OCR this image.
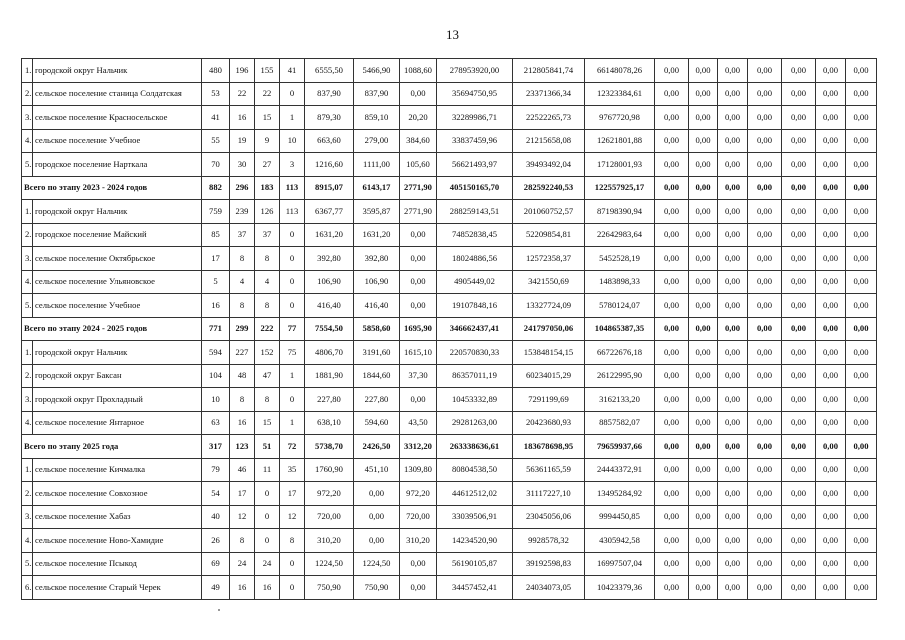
13
1.	городской округ Нальчик	480	196	155	41	6555,50	5466,90	1088,60	278953920,00	212805841,74	66148078,26	0,00	0,00	0,00	0,00	0,00	0,00	0,00
2.	сельское поселение станица Солдатская	53	22	22	0	837,90	837,90	0,00	35694750,95	23371366,34	12323384,61	0,00	0,00	0,00	0,00	0,00	0,00	0,00
3.	сельское поселение Красносельское	41	16	15	1	879,30	859,10	20,20	32289986,71	22522265,73	9767720,98	0,00	0,00	0,00	0,00	0,00	0,00	0,00
4.	сельское поселение Учебное	55	19	9	10	663,60	279,00	384,60	33837459,96	21215658,08	12621801,88	0,00	0,00	0,00	0,00	0,00	0,00	0,00
5.	городское поселение Нарткала	70	30	27	3	1216,60	1111,00	105,60	56621493,97	39493492,04	17128001,93	0,00	0,00	0,00	0,00	0,00	0,00	0,00
Всего по этапу 2023 - 2024 годов		882	296	183	113	8915,07	6143,17	2771,90	405150165,70	282592240,53	122557925,17	0,00	0,00	0,00	0,00	0,00	0,00	0,00
1.	городской округ Нальчик	759	239	126	113	6367,77	3595,87	2771,90	288259143,51	201060752,57	87198390,94	0,00	0,00	0,00	0,00	0,00	0,00	0,00
2.	городское поселение Майский	85	37	37	0	1631,20	1631,20	0,00	74852838,45	52209854,81	22642983,64	0,00	0,00	0,00	0,00	0,00	0,00	0,00
3.	сельское поселение Октябрьское	17	8	8	0	392,80	392,80	0,00	18024886,56	12572358,37	5452528,19	0,00	0,00	0,00	0,00	0,00	0,00	0,00
4.	сельское поселение Ульяновское	5	4	4	0	106,90	106,90	0,00	4905449,02	3421550,69	1483898,33	0,00	0,00	0,00	0,00	0,00	0,00	0,00
5.	сельское поселение Учебное	16	8	8	0	416,40	416,40	0,00	19107848,16	13327724,09	5780124,07	0,00	0,00	0,00	0,00	0,00	0,00	0,00
Всего по этапу 2024 - 2025 годов		771	299	222	77	7554,50	5858,60	1695,90	346662437,41	241797050,06	104865387,35	0,00	0,00	0,00	0,00	0,00	0,00	0,00
1.	городской округ Нальчик	594	227	152	75	4806,70	3191,60	1615,10	220570830,33	153848154,15	66722676,18	0,00	0,00	0,00	0,00	0,00	0,00	0,00
2.	городской округ Баксан	104	48	47	1	1881,90	1844,60	37,30	86357011,19	60234015,29	26122995,90	0,00	0,00	0,00	0,00	0,00	0,00	0,00
3.	городской округ Прохладный	10	8	8	0	227,80	227,80	0,00	10453332,89	7291199,69	3162133,20	0,00	0,00	0,00	0,00	0,00	0,00	0,00
4.	сельское поселение Янтарное	63	16	15	1	638,10	594,60	43,50	29281263,00	20423680,93	8857582,07	0,00	0,00	0,00	0,00	0,00	0,00	0,00
Всего по этапу 2025 года		317	123	51	72	5738,70	2426,50	3312,20	263338636,61	183678698,95	79659937,66	0,00	0,00	0,00	0,00	0,00	0,00	0,00
1.	сельское поселение Кичмалка	79	46	11	35	1760,90	451,10	1309,80	80804538,50	56361165,59	24443372,91	0,00	0,00	0,00	0,00	0,00	0,00	0,00
2.	сельское поселение Совхозное	54	17	0	17	972,20	0,00	972,20	44612512,02	31117227,10	13495284,92	0,00	0,00	0,00	0,00	0,00	0,00	0,00
3.	сельское поселение Хабаз	40	12	0	12	720,00	0,00	720,00	33039506,91	23045056,06	9994450,85	0,00	0,00	0,00	0,00	0,00	0,00	0,00
4.	сельское поселение Ново-Хамидие	26	8	0	8	310,20	0,00	310,20	14234520,90	9928578,32	4305942,58	0,00	0,00	0,00	0,00	0,00	0,00	0,00
5.	сельское поселение Псыкод	69	24	24	0	1224,50	1224,50	0,00	56190105,87	39192598,83	16997507,04	0,00	0,00	0,00	0,00	0,00	0,00	0,00
6.	сельское поселение Старый Черек	49	16	16	0	750,90	750,90	0,00	34457452,41	24034073,05	10423379,36	0,00	0,00	0,00	0,00	0,00	0,00	0,00
